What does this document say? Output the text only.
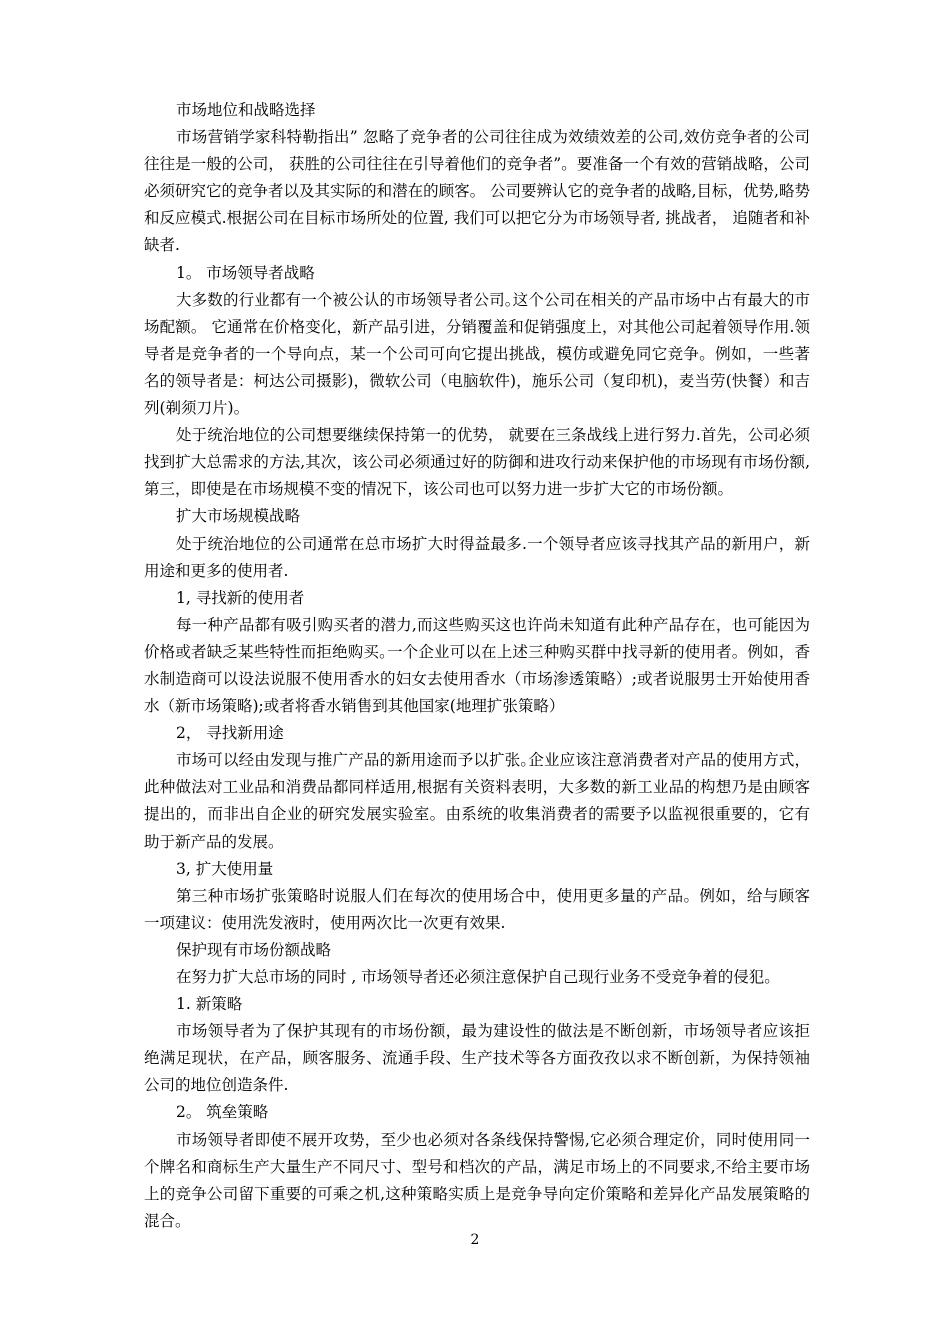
市场地位和战略选择

市场营销学家科特勒指出” 忽略了竞争者的公司往往成为效绩效差的公司,效仿竞争者的公司往往是一般的公司， 获胜的公司往往在引导着他们的竞争者”。要准备一个有效的营销战略，公司必须研究它的竞争者以及其实际的和潜在的顾客。 公司要辨认它的竞争者的战略,目标，优势,略势和反应模式.根据公司在目标市场所处的位置, 我们可以把它分为市场领导者, 挑战者， 追随者和补缺者.

1。 市场领导者战略

大多数的行业都有一个被公认的市场领导者公司｡这个公司在相关的产品市场中占有最大的市场配额。 它通常在价格变化，新产品引进，分销覆盖和促销强度上，对其他公司起着领导作用.领导者是竞争者的一个导向点，某一个公司可向它提出挑战，模仿或避免同它竞争。例如，一些著名的领导者是：柯达公司摄影)，微软公司（电脑软件)，施乐公司（复印机)，麦当劳(快餐）和吉列(剃须刀片)。

处于统治地位的公司想要继续保持第一的优势， 就要在三条战线上进行努力.首先，公司必须找到扩大总需求的方法,其次，该公司必须通过好的防御和进攻行动来保护他的市场现有市场份额, 第三，即使是在市场规模不变的情况下，该公司也可以努力进一步扩大它的市场份额。

扩大市场规模战略

处于统治地位的公司通常在总市场扩大时得益最多.一个领导者应该寻找其产品的新用户，新用途和更多的使用者.

1, 寻找新的使用者

每一种产品都有吸引购买者的潜力,而这些购买这也许尚未知道有此种产品存在，也可能因为价格或者缺乏某些特性而拒绝购买｡一个企业可以在上述三种购买群中找寻新的使用者。例如，香水制造商可以设法说服不使用香水的妇女去使用香水（市场渗透策略）;或者说服男士开始使用香水（新市场策略);或者将香水销售到其他国家(地理扩张策略）

2， 寻找新用途

市场可以经由发现与推广产品的新用途而予以扩张｡企业应该注意消费者对产品的使用方式，此种做法对工业品和消费品都同样适用,根据有关资料表明，大多数的新工业品的构想乃是由顾客提出的，而非出自企业的研究发展实验室。由系统的收集消费者的需要予以监视很重要的，它有助于新产品的发展。

3, 扩大使用量

第三种市场扩张策略时说服人们在每次的使用场合中，使用更多量的产品。例如，给与顾客一项建议：使用洗发液时，使用两次比一次更有效果.

保护现有市场份额战略

在努力扩大总市场的同时 , 市场领导者还必须注意保护自己现行业务不受竞争着的侵犯。

1. 新策略

市场领导者为了保护其现有的市场份额，最为建设性的做法是不断创新，市场领导者应该拒绝满足现状，在产品，顾客服务、流通手段、生产技术等各方面孜孜以求不断创新，为保持领袖公司的地位创造条件.

2。 筑垒策略

市场领导者即使不展开攻势，至少也必须对各条线保持警惕,它必须合理定价，同时使用同一个牌名和商标生产大量生产不同尺寸、型号和档次的产品，满足市场上的不同要求,不给主要市场上的竞争公司留下重要的可乘之机,这种策略实质上是竞争导向定价策略和差异化产品发展策略的混合。

2
